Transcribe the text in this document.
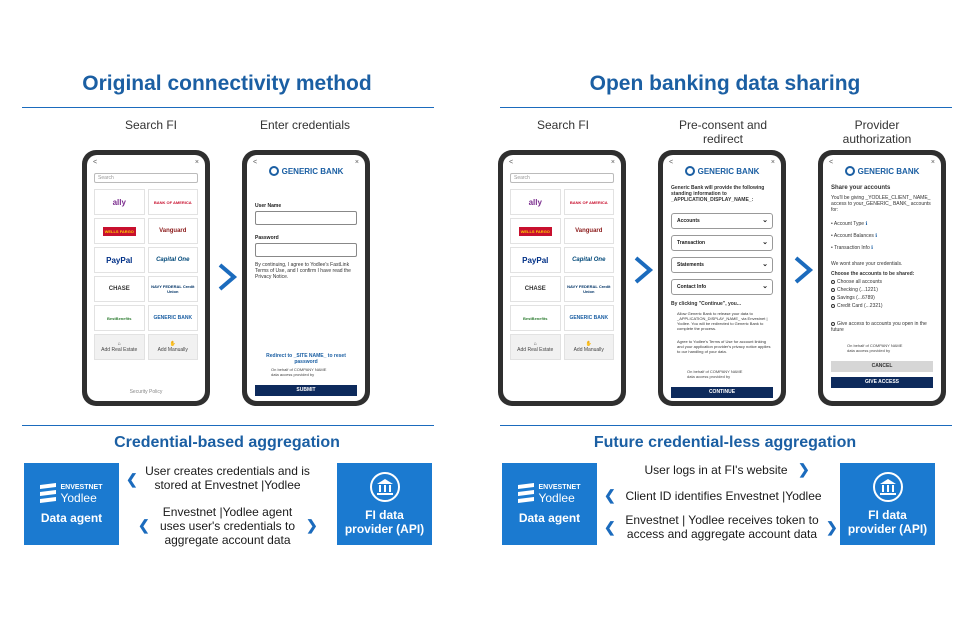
Original connectivity method
Search FI	Enter credentials
<	×
Search
ally	BANK OF AMERICA
WELLS FARGO	Vanguard
PayPal	Capital One
CHASE	NAVY FEDERAL Credit Union
BestBenefits	GENERIC BANK
⌂
Add Real Estate
✋
Add Manually
Security Policy
<	×
GENERIC BANK
User Name
Password
By continuing, I agree to Yodlee's FastLink Terms of Use, and I confirm I have read the Privacy Notice.
Redirect to _SITE NAME_ to reset password
On behalf of COMPANY NAME data access provided by
SUBMIT
Credential-based aggregation
ENVESTNET
Yodlee
Data agent
❮ User creates credentials and is stored at Envestnet |Yodlee
❮
Envestnet |Yodlee agent uses user's credentials to aggregate account data
❯
FI data provider (API)
Open banking data sharing
Search FI	Pre-consent and redirect
Provider authorization
<	×
Search
ally	BANK OF AMERICA
WELLS FARGO	Vanguard
PayPal	Capital One
CHASE	NAVY FEDERAL Credit Union
BestBenefits	GENERIC BANK
⌂
Add Real Estate
✋
Add Manually
<	×
GENERIC BANK
Generic Bank will provide the following standing information to _APPLICATION_DISPLAY_NAME_:
Accounts	⌄
Transaction	⌄
Statements	⌄
Contact Info	⌄
By clicking "Continue", you...
Allow Generic Bank to release your data to _APPLICATION_DISPLAY_NAME_ via Envestnet | Yodlee. You will be redirected to Generic Bank to complete the process.
Agree to Yodlee's Terms of Use for account linking and your application provider's privacy notice applies to our handling of your data.
On behalf of COMPANY NAME data access provided by
CONTINUE
<	×
GENERIC BANK
Share your accounts
You'll be giving _YODLEE_CLIENT_ NAME_ access to your_GENERIC_ BANK_ accounts for:
• Account Type ℹ
• Account Balances ℹ
• Transaction Info ℹ
We wont share your credentials.
Choose the accounts to be shared:
Choose all accounts
Checking (...1221)
Savings (...6789)
Credit Card (...2321)
Give access to accounts you open in the future
On behalf of COMPANY NAME data access provided by
CANCEL
GIVE ACCESS
Future credential-less aggregation
ENVESTNET
Yodlee
Data agent
User logs in at FI's website ❯
❮ Client ID identifies Envestnet |Yodlee
❮ Envestnet | Yodlee receives token to access and aggregate account data ❯
FI data provider (API)
